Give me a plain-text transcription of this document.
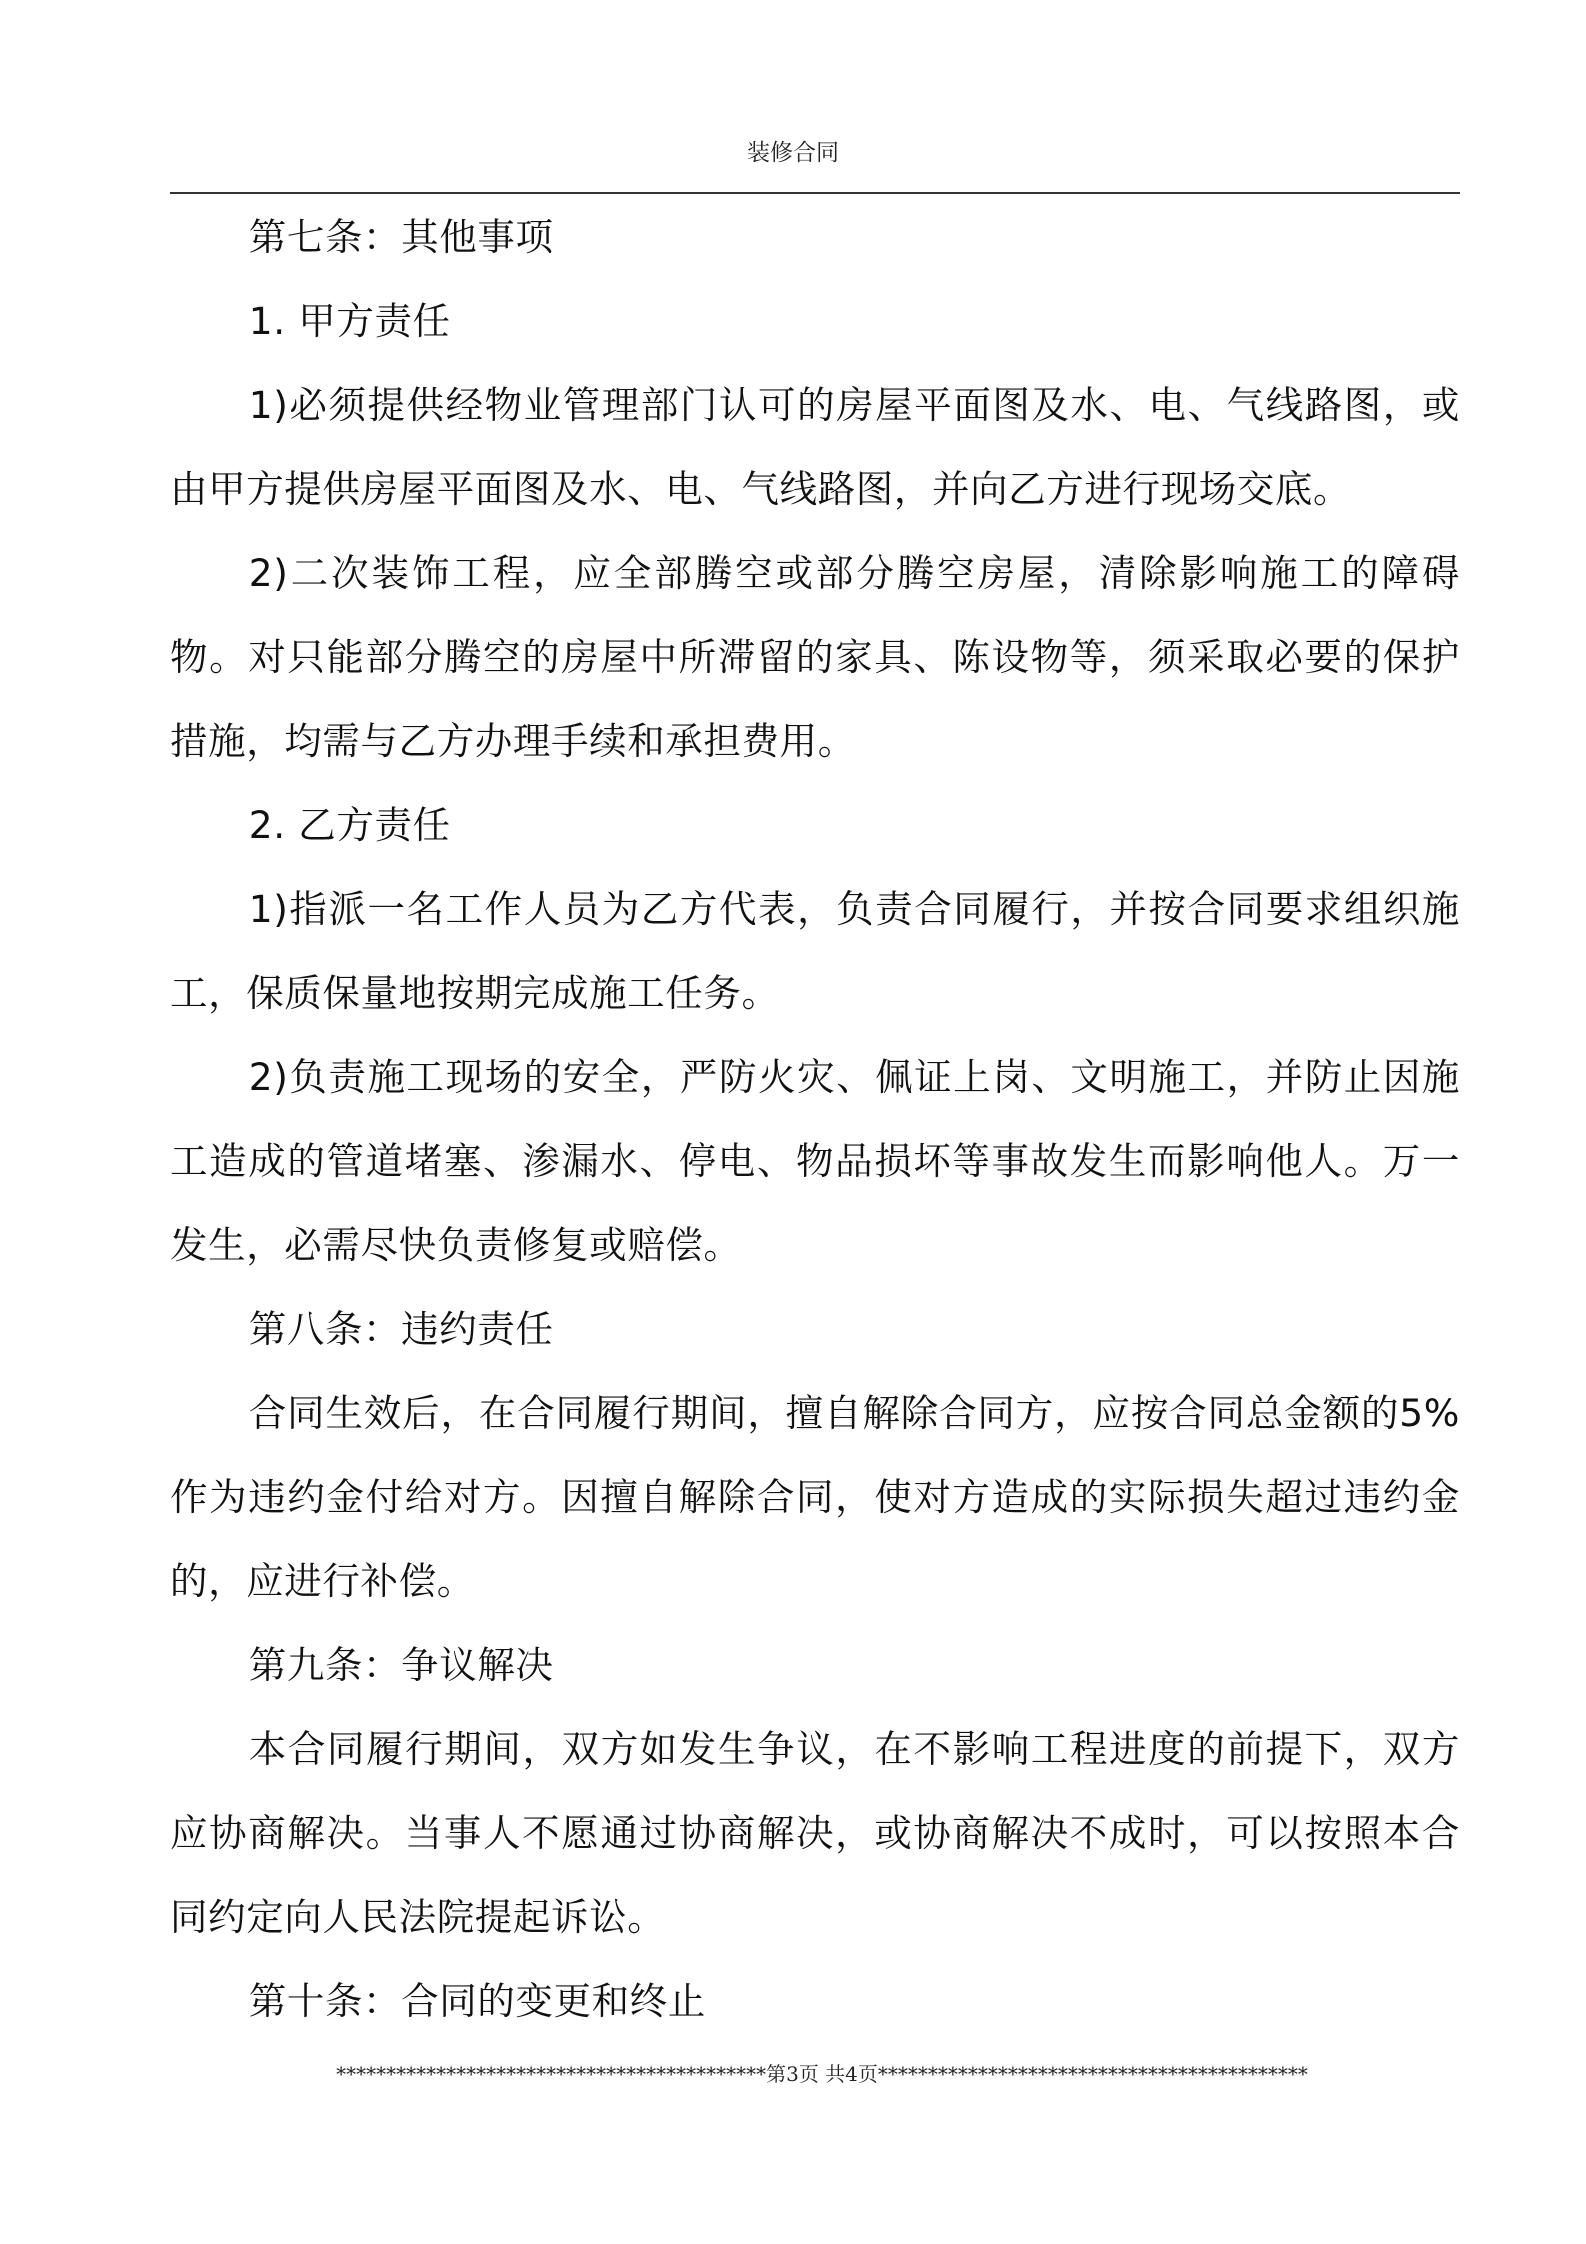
装修合同

第七条：其他事项

1. 甲方责任

1)必须提供经物业管理部门认可的房屋平面图及水、电、气线路图，或由甲方提供房屋平面图及水、电、气线路图，并向乙方进行现场交底。

2)二次装饰工程，应全部腾空或部分腾空房屋，清除影响施工的障碍物。对只能部分腾空的房屋中所滞留的家具、陈设物等，须采取必要的保护措施，均需与乙方办理手续和承担费用。

2. 乙方责任

1)指派一名工作人员为乙方代表，负责合同履行，并按合同要求组织施工，保质保量地按期完成施工任务。

2)负责施工现场的安全，严防火灾、佩证上岗、文明施工，并防止因施工造成的管道堵塞、渗漏水、停电、物品损坏等事故发生而影响他人。万一发生，必需尽快负责修复或赔偿。

第八条：违约责任

合同生效后，在合同履行期间，擅自解除合同方，应按合同总金额的5%作为违约金付给对方。因擅自解除合同，使对方造成的实际损失超过违约金的，应进行补偿。

第九条：争议解决

本合同履行期间，双方如发生争议，在不影响工程进度的前提下，双方应协商解决。当事人不愿通过协商解决，或协商解决不成时，可以按照本合同约定向人民法院提起诉讼。

第十条：合同的变更和终止

*******************************************第3页 共4页*******************************************
